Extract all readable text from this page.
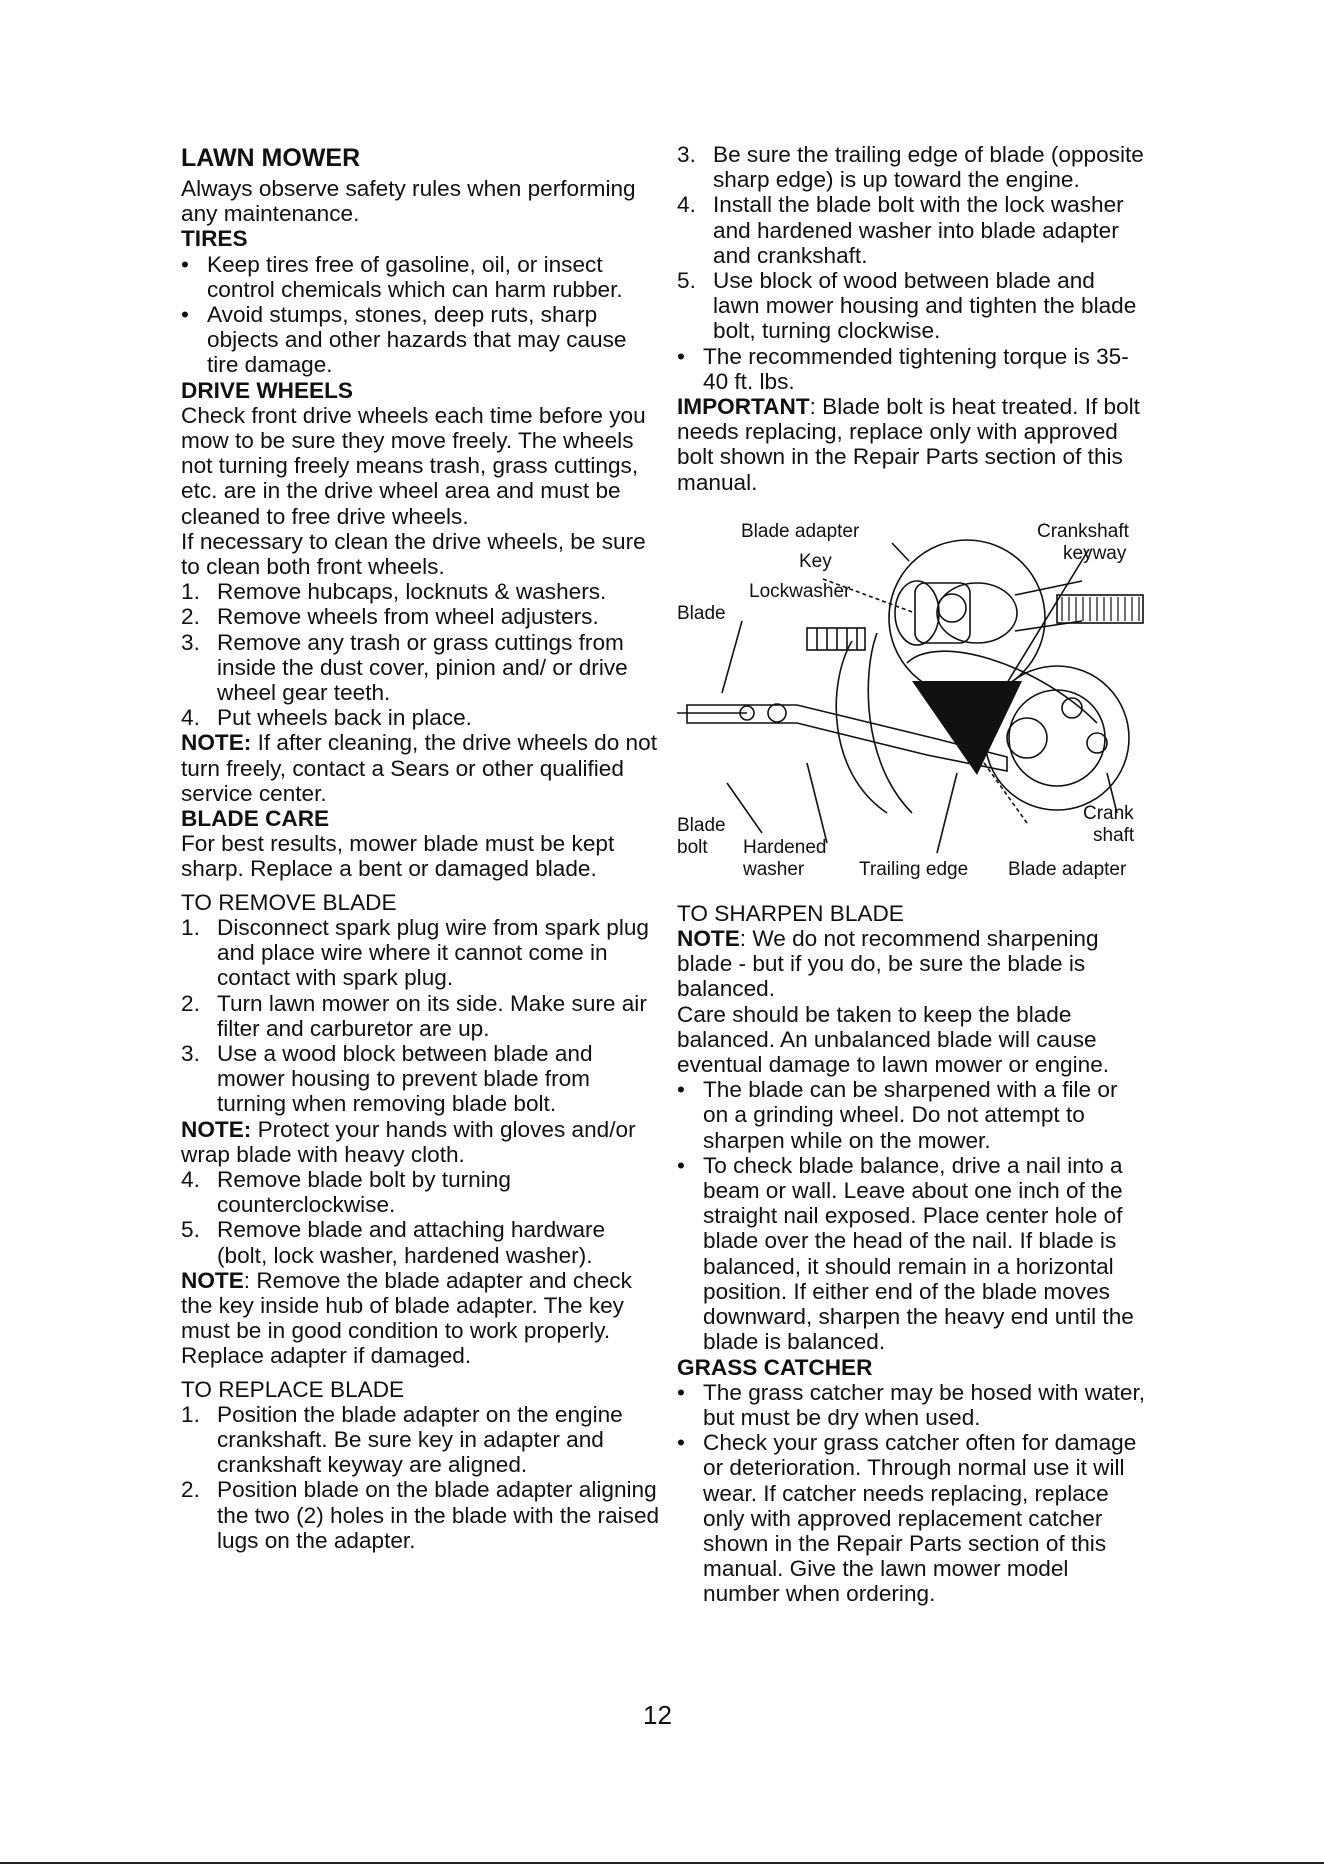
LAWN MOWER

Always observe safety rules when performing any maintenance.

TIRES
• Keep tires free of gasoline, oil, or insect control chemicals which can harm rubber.
• Avoid stumps, stones, deep ruts, sharp objects and other hazards that may cause tire damage.
DRIVE WHEELS

Check front drive wheels each time before you mow to be sure they move freely. The wheels not turning freely means trash, grass cuttings, etc. are in the drive wheel area and must be cleaned to free drive wheels.

If necessary to clean the drive wheels, be sure to clean both front wheels.

1. Remove hubcaps, locknuts & washers.
2. Remove wheels from wheel adjusters.
3. Remove any trash or grass cuttings from inside the dust cover, pinion and/ or drive wheel gear teeth.
4. Put wheels back in place.

NOTE: If after cleaning, the drive wheels do not turn freely, contact a Sears or other qualified service center.

BLADE CARE

For best results, mower blade must be kept sharp. Replace a bent or damaged blade.

TO REMOVE BLADE
1. Disconnect spark plug wire from spark plug and place wire where it cannot come in contact with spark plug.
2. Turn lawn mower on its side. Make sure air filter and carburetor are up.
3. Use a wood block between blade and mower housing to prevent blade from turning when removing blade bolt.

NOTE: Protect your hands with gloves and/or wrap blade with heavy cloth.

4. Remove blade bolt by turning counterclockwise.
5. Remove blade and attaching hardware (bolt, lock washer, hardened washer).

NOTE: Remove the blade adapter and check the key inside hub of blade adapter. The key must be in good condition to work properly. Replace adapter if damaged.

TO REPLACE BLADE
1. Position the blade adapter on the engine crankshaft. Be sure key in adapter and crankshaft keyway are aligned.
2. Position blade on the blade adapter aligning the two (2) holes in the blade with the raised lugs on the adapter.
3. Be sure the trailing edge of blade (opposite sharp edge) is up toward the engine.
4. Install the blade bolt with the lock washer and hardened washer into blade adapter and crankshaft.
5. Use block of wood between blade and lawn mower housing and tighten the blade bolt, turning clockwise.
• The recommended tightening torque is 35-40 ft. lbs.

IMPORTANT: Blade bolt is heat treated. If bolt needs replacing, replace only with approved bolt shown in the Repair Parts section of this manual.

Blade adapter
Key
Lockwasher
Blade
Crankshaft
keyway
Blade
bolt Hardened
washer	Trailing edge Blade adapter
Crank
shaft
TO SHARPEN BLADE

NOTE: We do not recommend sharpening blade - but if you do, be sure the blade is balanced.

Care should be taken to keep the blade balanced. An unbalanced blade will cause eventual damage to lawn mower or engine.

• The blade can be sharpened with a file or on a grinding wheel. Do not attempt to sharpen while on the mower.
• To check blade balance, drive a nail into a beam or wall. Leave about one inch of the straight nail exposed. Place center hole of blade over the head of the nail. If blade is balanced, it should remain in a horizontal position. If either end of the blade moves downward, sharpen the heavy end until the blade is balanced.
GRASS CATCHER
• The grass catcher may be hosed with water, but must be dry when used.
• Check your grass catcher often for damage or deterioration. Through normal use it will wear. If catcher needs replacing, replace only with approved replacement catcher shown in the Repair Parts section of this manual. Give the lawn mower model number when ordering.
12
